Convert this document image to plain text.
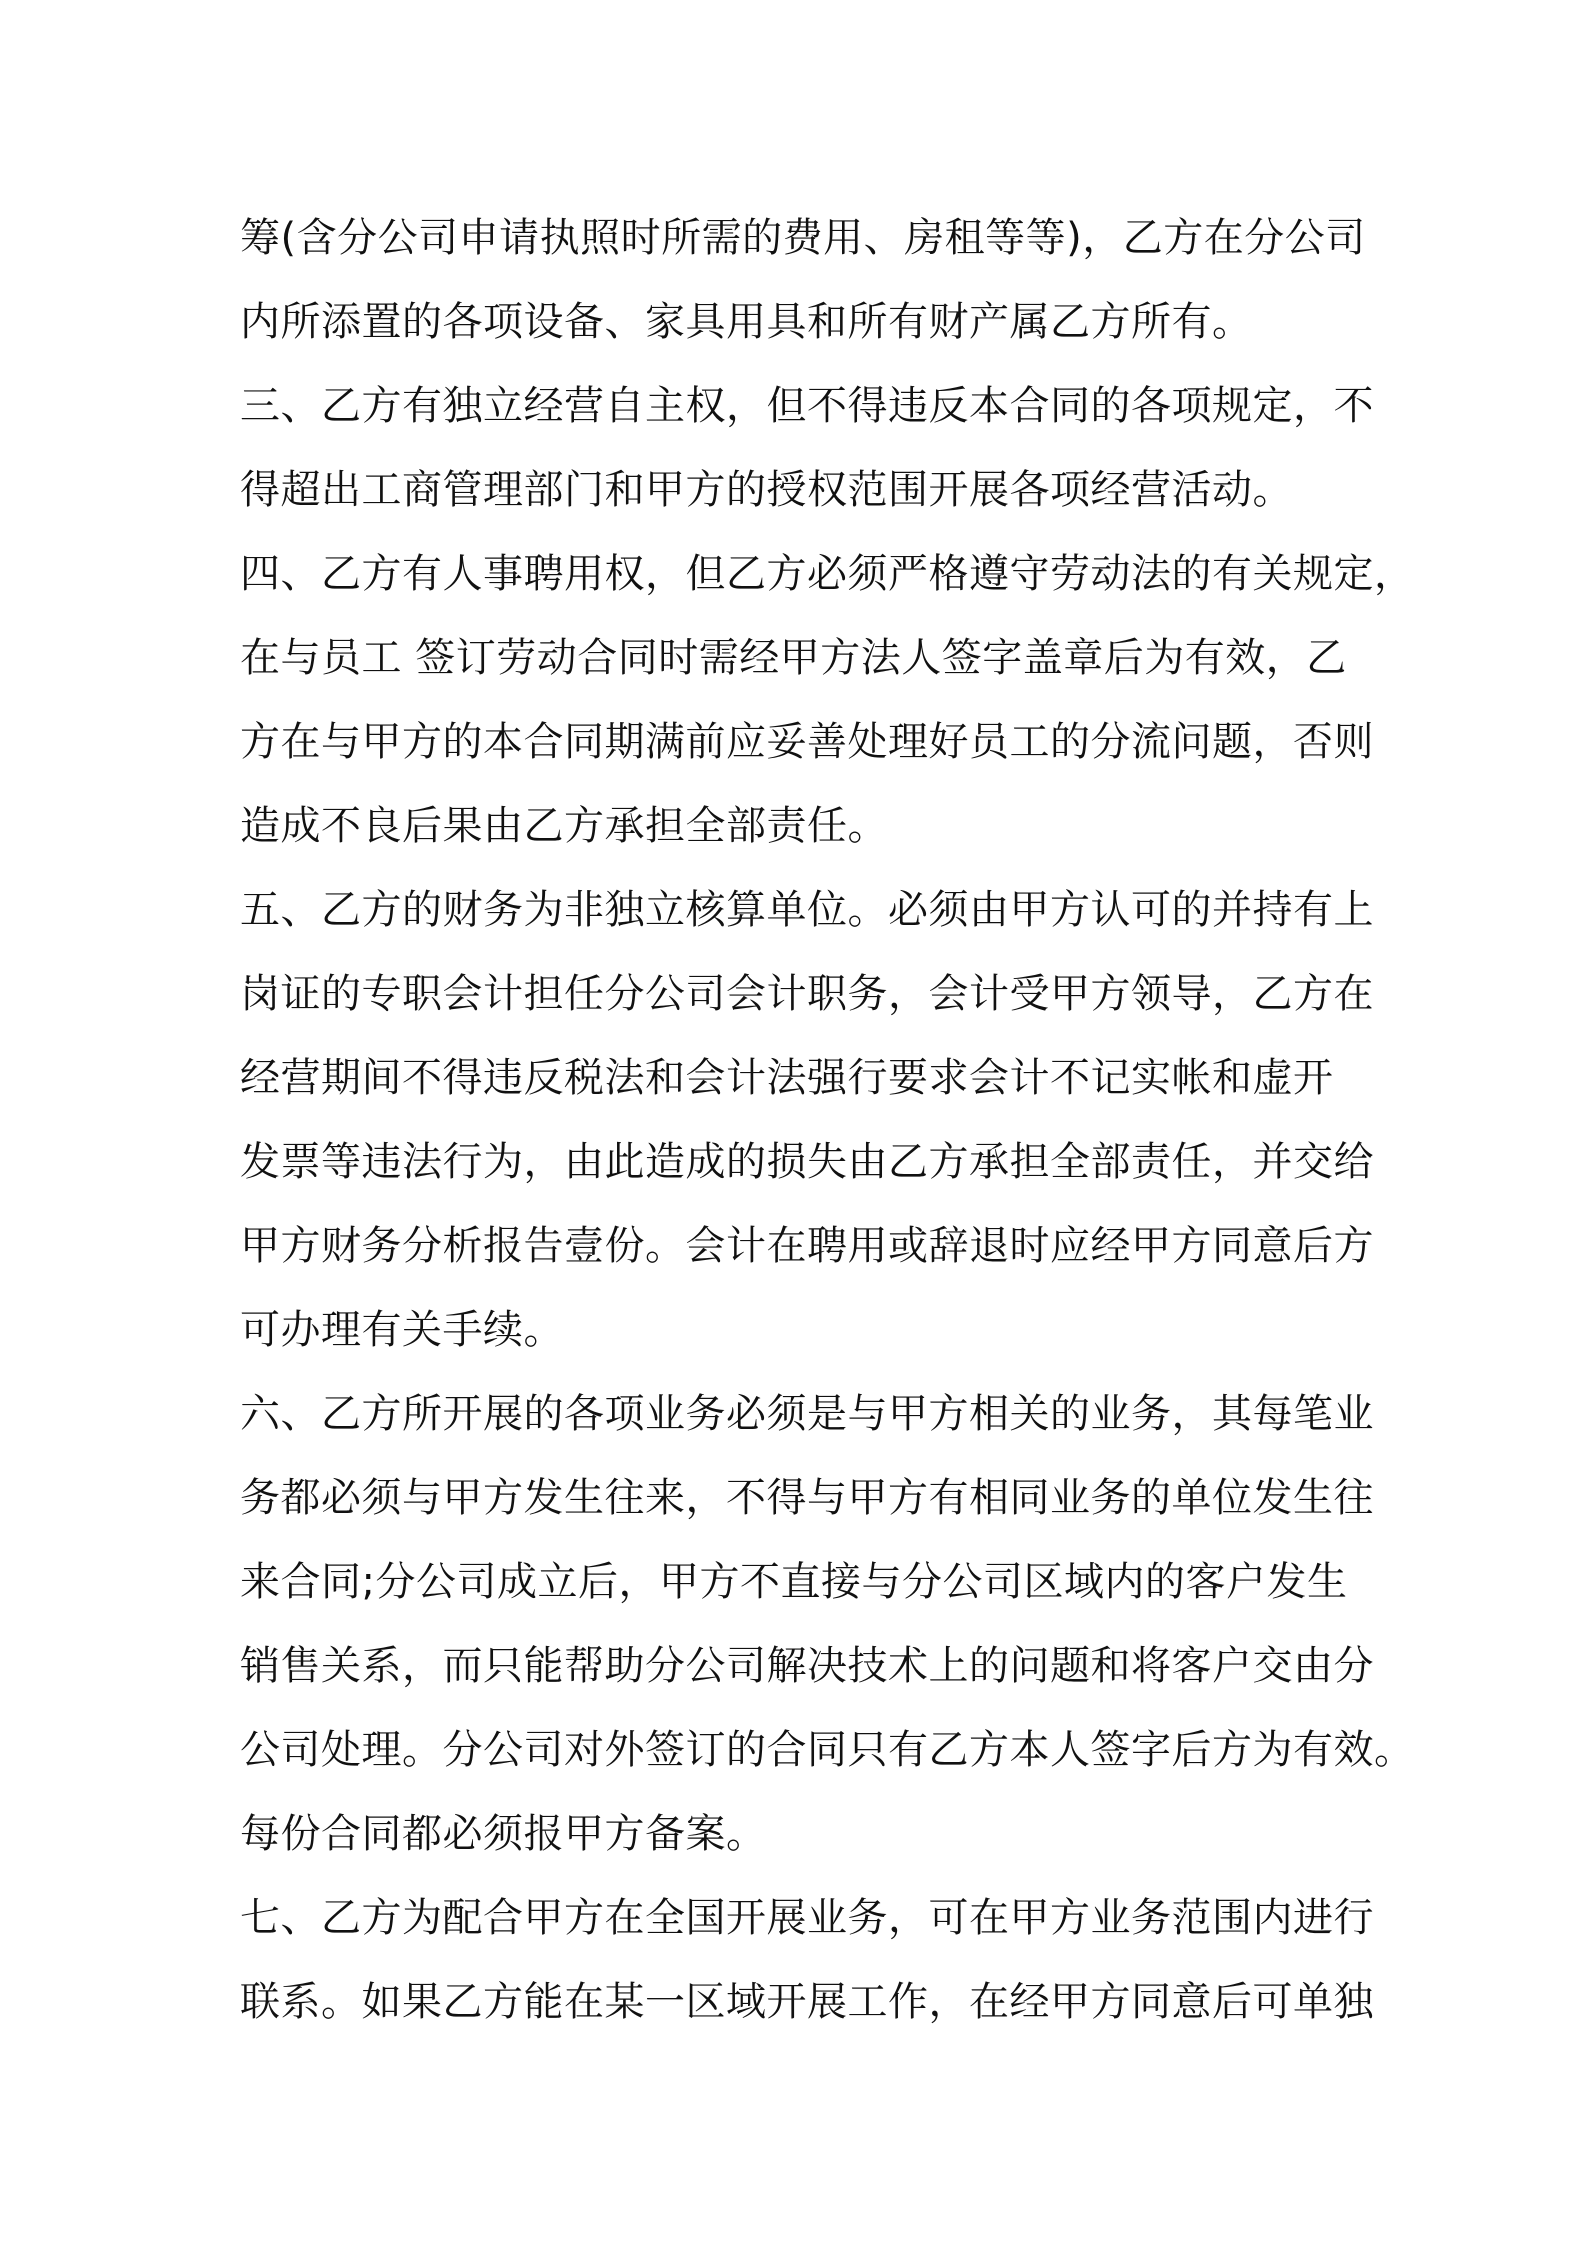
筹(含分公司申请执照时所需的费用、房租等等)，乙方在分公司
内所添置的各项设备、家具用具和所有财产属乙方所有。
三、乙方有独立经营自主权，但不得违反本合同的各项规定，不
得超出工商管理部门和甲方的授权范围开展各项经营活动。
四、乙方有人事聘用权，但乙方必须严格遵守劳动法的有关规定，
在与员工 签订劳动合同时需经甲方法人签字盖章后为有效，乙
方在与甲方的本合同期满前应妥善处理好员工的分流问题，否则
造成不良后果由乙方承担全部责任。
五、乙方的财务为非独立核算单位。必须由甲方认可的并持有上
岗证的专职会计担任分公司会计职务，会计受甲方领导，乙方在
经营期间不得违反税法和会计法强行要求会计不记实帐和虚开
发票等违法行为，由此造成的损失由乙方承担全部责任，并交给
甲方财务分析报告壹份。会计在聘用或辞退时应经甲方同意后方
可办理有关手续。
六、乙方所开展的各项业务必须是与甲方相关的业务，其每笔业
务都必须与甲方发生往来，不得与甲方有相同业务的单位发生往
来合同;分公司成立后，甲方不直接与分公司区域内的客户发生
销售关系，而只能帮助分公司解决技术上的问题和将客户交由分
公司处理。分公司对外签订的合同只有乙方本人签字后方为有效。
每份合同都必须报甲方备案。
七、乙方为配合甲方在全国开展业务，可在甲方业务范围内进行
联系。如果乙方能在某一区域开展工作，在经甲方同意后可单独
